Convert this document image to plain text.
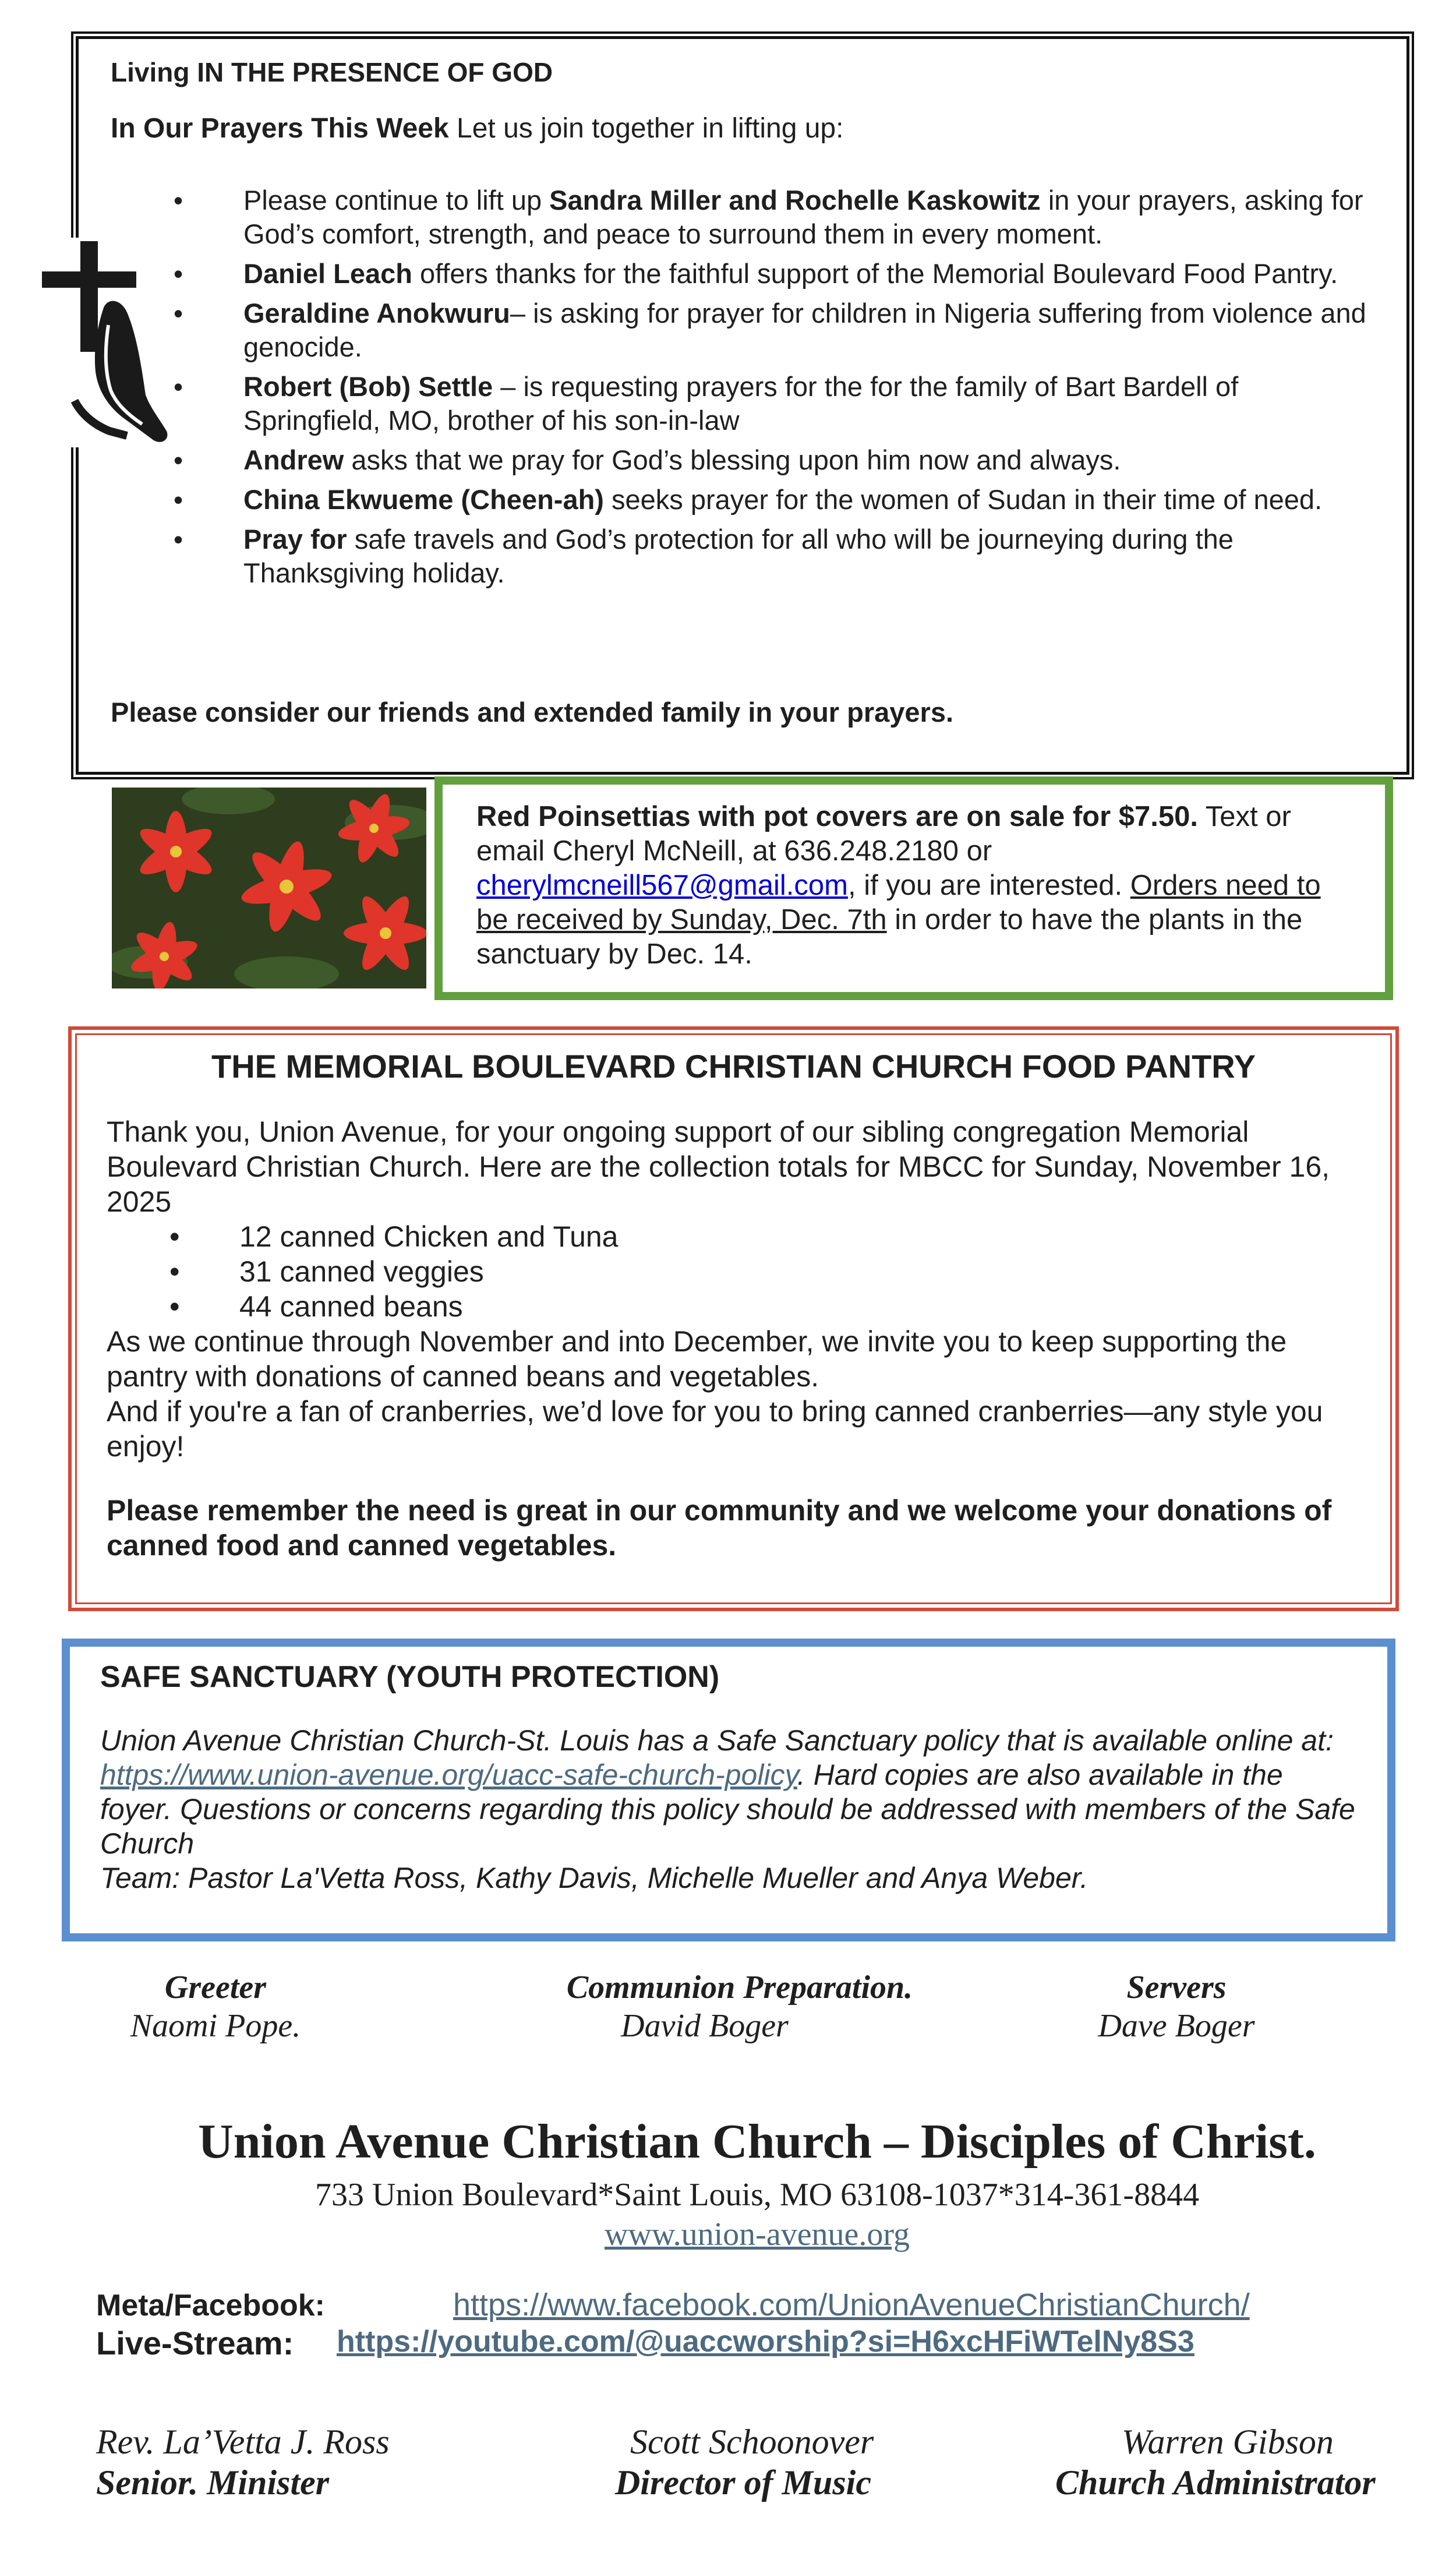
Living IN THE PRESENCE OF GOD

In Our Prayers This Week Let us join together in lifting up:

• Please continue to lift up Sandra Miller and Rochelle Kaskowitz in your prayers, asking for God’s comfort, strength, and peace to surround them in every moment.
• Daniel Leach offers thanks for the faithful support of the Memorial Boulevard Food Pantry.
• Geraldine Anokwuru– is asking for prayer for children in Nigeria suffering from violence and genocide.
• Robert (Bob) Settle – is requesting prayers for the for the family of Bart Bardell of Springfield, MO, brother of his son-in-law
• Andrew asks that we pray for God’s blessing upon him now and always.
• China Ekwueme (Cheen-ah) seeks prayer for the women of Sudan in their time of need.
• Pray for safe travels and God’s protection for all who will be journeying during the Thanksgiving holiday.
Please consider our friends and extended family in your prayers.

Red Poinsettias with pot covers are on sale for $7.50. Text or email Cheryl McNeill, at 636.248.2180 or cherylmcneill567@gmail.com, if you are interested. Orders need to be received by Sunday, Dec. 7th in order to have the plants in the sanctuary by Dec. 14.

THE MEMORIAL BOULEVARD CHRISTIAN CHURCH FOOD PANTRY

Thank you, Union Avenue, for your ongoing support of our sibling congregation Memorial Boulevard Christian Church. Here are the collection totals for MBCC for Sunday, November 16, 2025

• 12 canned Chicken and Tuna
• 31 canned veggies
• 44 canned beans

As we continue through November and into December, we invite you to keep supporting the pantry with donations of canned beans and vegetables.

And if you're a fan of cranberries, we’d love for you to bring canned cranberries—any style you enjoy!

Please remember the need is great in our community and we welcome your donations of canned food and canned vegetables.

SAFE SANCTUARY (YOUTH PROTECTION)

Union Avenue Christian Church-St. Louis has a Safe Sanctuary policy that is available online at: https://www.union-avenue.org/uacc-safe-church-policy. Hard copies are also available in the foyer. Questions or concerns regarding this policy should be addressed with members of the Safe Church

Team: Pastor La'Vetta Ross, Kathy Davis, Michelle Mueller and Anya Weber.

Greeter
Naomi Pope.
Communion Preparation.
David Boger
Servers
Dave Boger
Union Avenue Christian Church – Disciples of Christ.
733 Union Boulevard*Saint Louis, MO 63108-1037*314-361-8844
www.union-avenue.org
Meta/Facebook:	https://www.facebook.com/UnionAvenueChristianChurch/
Live-Stream: https://youtube.com/@uaccworship?si=H6xcHFiWTelNy8S3
Rev. La’Vetta J. Ross
Senior. Minister
Scott Schoonover
Director of Music
Warren Gibson
Church Administrator
